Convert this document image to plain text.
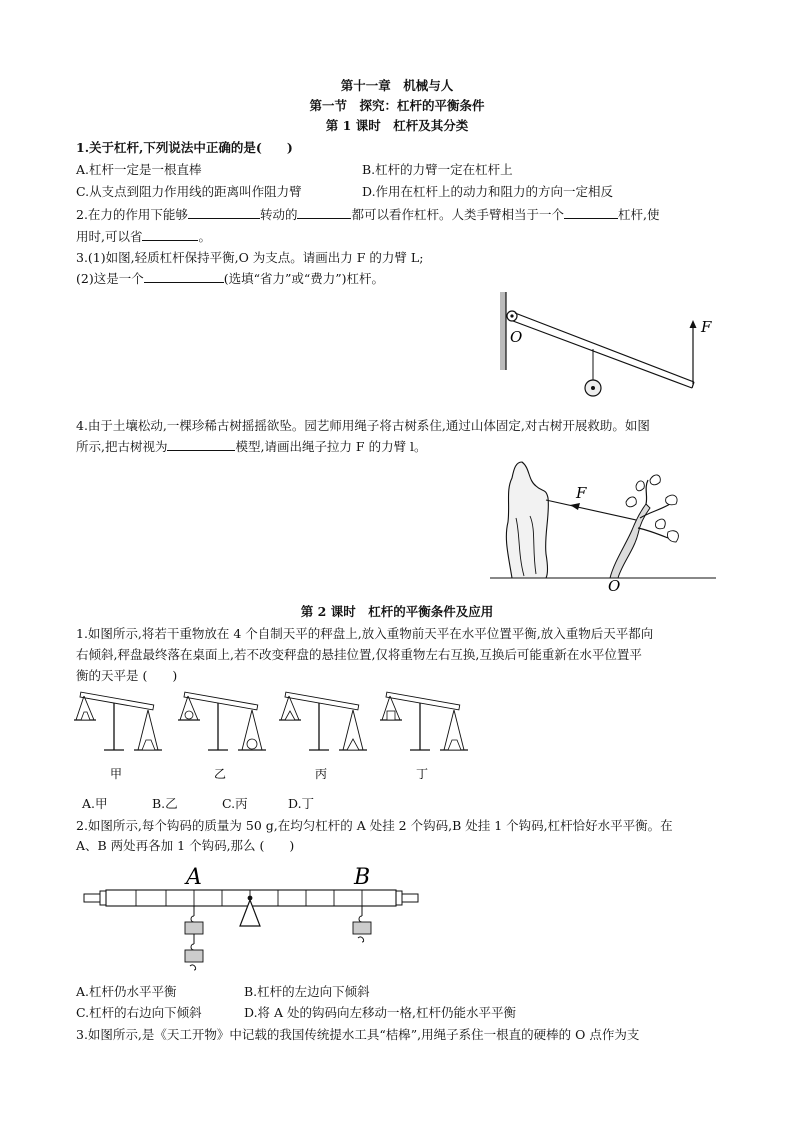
第十一章　机械与人
第一节　探究：杠杆的平衡条件
第 1 课时　杠杆及其分类
1.关于杠杆,下列说法中正确的是(　　)
A.杠杆一定是一根直棒	B.杠杆的力臂一定在杠杆上
C.从支点到阻力作用线的距离叫作阻力臂	D.作用在杠杆上的动力和阻力的方向一定相反
2.在力的作用下能够	转动的	都可以看作杠杆。人类手臂相当于一个	杠杆,使
用时,可以省	。
3.(1)如图,轻质杠杆保持平衡,O 为支点。请画出力 F 的力臂 L;
(2)这是一个	(选填“省力”或“费力”)杠杆。
O
F
4.由于土壤松动,一棵珍稀古树摇摇欲坠。园艺师用绳子将古树系住,通过山体固定,对古树开展救助。如图
所示,把古树视为	模型,请画出绳子拉力 F 的力臂 l。
F
O
第 2 课时　杠杆的平衡条件及应用
1.如图所示,将若干重物放在 4 个自制天平的秤盘上,放入重物前天平在水平位置平衡,放入重物后天平都向
右倾斜,秤盘最终落在桌面上,若不改变秤盘的悬挂位置,仅将重物左右互换,互换后可能重新在水平位置平
衡的天平是 (　　)
甲	乙	丙	丁
A.甲	B.乙	C.丙	D.丁
2.如图所示,每个钩码的质量为 50 g,在均匀杠杆的 A 处挂 2 个钩码,B 处挂 1 个钩码,杠杆恰好水平平衡。在
A、B 两处再各加 1 个钩码,那么 (　　)
A	B
A.杠杆仍水平平衡	B.杠杆的左边向下倾斜
C.杠杆的右边向下倾斜	D.将 A 处的钩码向左移动一格,杠杆仍能水平平衡
3.如图所示,是《天工开物》中记载的我国传统提水工具“桔槔”,用绳子系住一根直的硬棒的 O 点作为支
